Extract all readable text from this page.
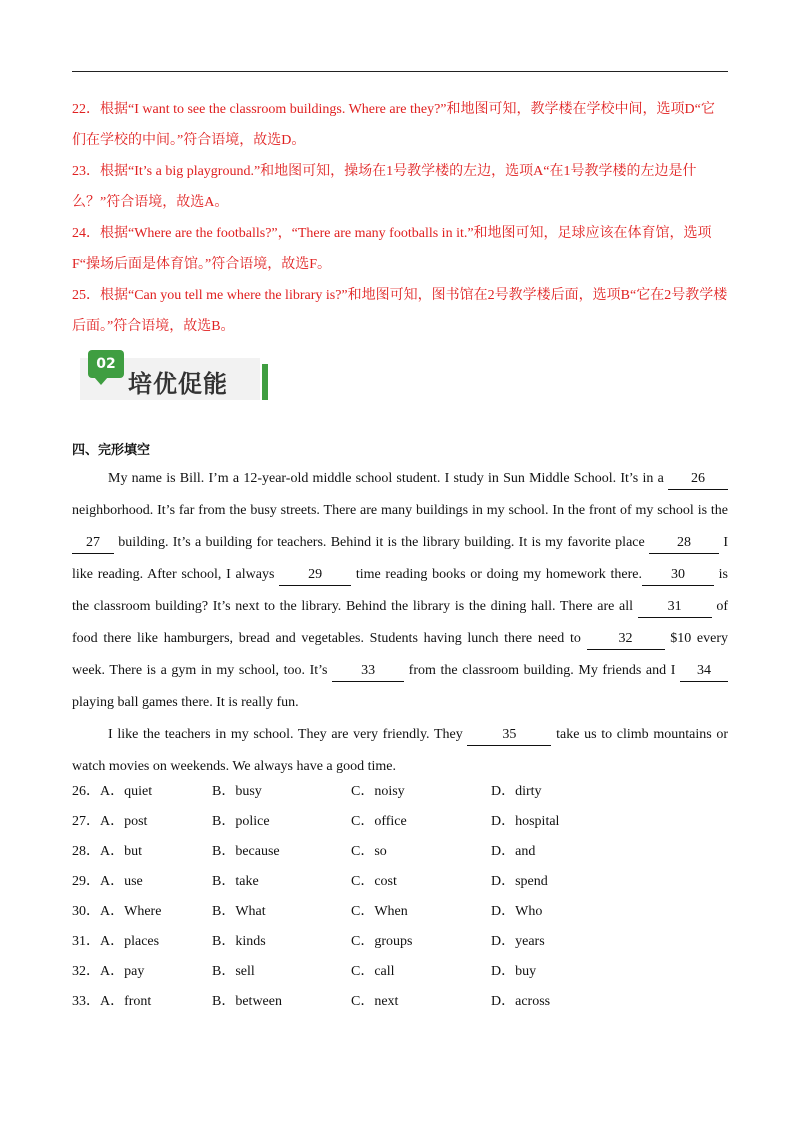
22．根据“I want to see the classroom buildings. Where are they?”和地图可知，教学楼在学校中间，选项D“它们在学校的中间。”符合语境，故选D。

23．根据“It’s a big playground.”和地图可知，操场在1号教学楼的左边，选项A“在1号教学楼的左边是什么？”符合语境，故选A。

24．根据“Where are the footballs?”，“There are many footballs in it.”和地图可知，足球应该在体育馆，选项F“操场后面是体育馆。”符合语境，故选F。

25．根据“Can you tell me where the library is?”和地图可知，图书馆在2号教学楼后面，选项B“它在2号教学楼后面。”符合语境，故选B。

02
培优促能
四、完形填空

My name is Bill. I’m a 12-year-old middle school student. I study in Sun Middle School. It’s in a 26 neighborhood. It’s far from the busy streets. There are many buildings in my school. In the front of my school is the 27 building. It’s a building for teachers. Behind it is the library building. It is my favorite place 28 I like reading. After school, I always 29 time reading books or doing my homework there. 30 is the classroom building? It’s next to the library. Behind the library is the dining hall. There are all 31 of food there like hamburgers, bread and vegetables. Students having lunch there need to 32 $10 every week. There is a gym in my school, too. It’s 33 from the classroom building. My friends and I 34 playing ball games there. It is really fun.

I like the teachers in my school. They are very friendly. They	35	take us to climb mountains or watch movies on weekends. We always have a good time.

26．A．quiet	B．busy	C．noisy	D．dirty
27．A．post	B．police	C．office	D．hospital
28．A．but	B．because	C．so	D．and
29．A．use	B．take	C．cost	D．spend
30．A．Where	B．What	C．When	D．Who
31．A．places	B．kinds	C．groups	D．years
32．A．pay	B．sell	C．call	D．buy
33．A．front	B．between	C．next	D．across
